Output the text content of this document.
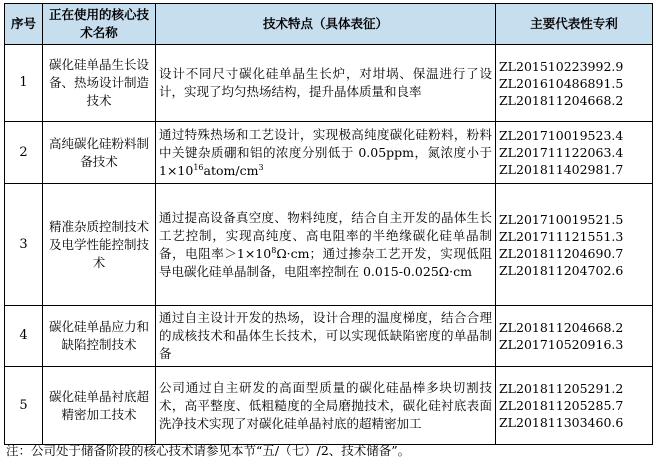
序号	正在使用的核心技术名称	技术特点（具体表征）	主要代表性专利
1	碳化硅单晶生长设备、热场设计制造技术	设计不同尺寸碳化硅单晶生长炉，对坩埚、保温进行了设计，实现了均匀热场结构，提升晶体质量和良率	ZL201510223992.9
ZL201610486891.5
ZL201811204668.2

2	高纯碳化硅粉料制备技术	通过特殊热场和工艺设计，实现极高纯度碳化硅粉料，粉料中关键杂质硼和铝的浓度分别低于 0.05ppm，氮浓度小于 $1\times 10^{16}atom/cm^3$	ZL201710019523.4
ZL201711122063.4
ZL201811402981.7

3	精准杂质控制技术及电学性能控制技术	通过提高设备真空度、物料纯度，结合自主开发的晶体生长工艺控制，实现高纯度、高电阻率的半绝缘碳化硅单晶制备，电阻率$>1\times 10^8\Omega\cdot cm$；通过掺杂工艺开发，实现低阻导电碳化硅单晶制备，电阻率控制在 0.015-0.025Ω·cm	ZL201710019521.5
ZL201711121551.3
ZL201811204690.7
ZL201811204702.6

4	碳化硅单晶应力和缺陷控制技术	通过自主设计开发的热场，设计合理的温度梯度，结合合理的成核技术和晶体生长技术，可以实现低缺陷密度的单晶制备	ZL201811204668.2
ZL201710520916.3

5	碳化硅单晶衬底超精密加工技术	公司通过自主研发的高面型质量的碳化硅晶棒多块切割技术，高平整度、低粗糙度的全局磨抛技术，碳化硅衬底表面洗净技术实现了对碳化硅单晶衬底的超精密加工	ZL201811205291.2
ZL201811205285.7
ZL201811303460.6
注：公司处于储备阶段的核心技术请参见本节“五/（七）/2、技术储备”。
